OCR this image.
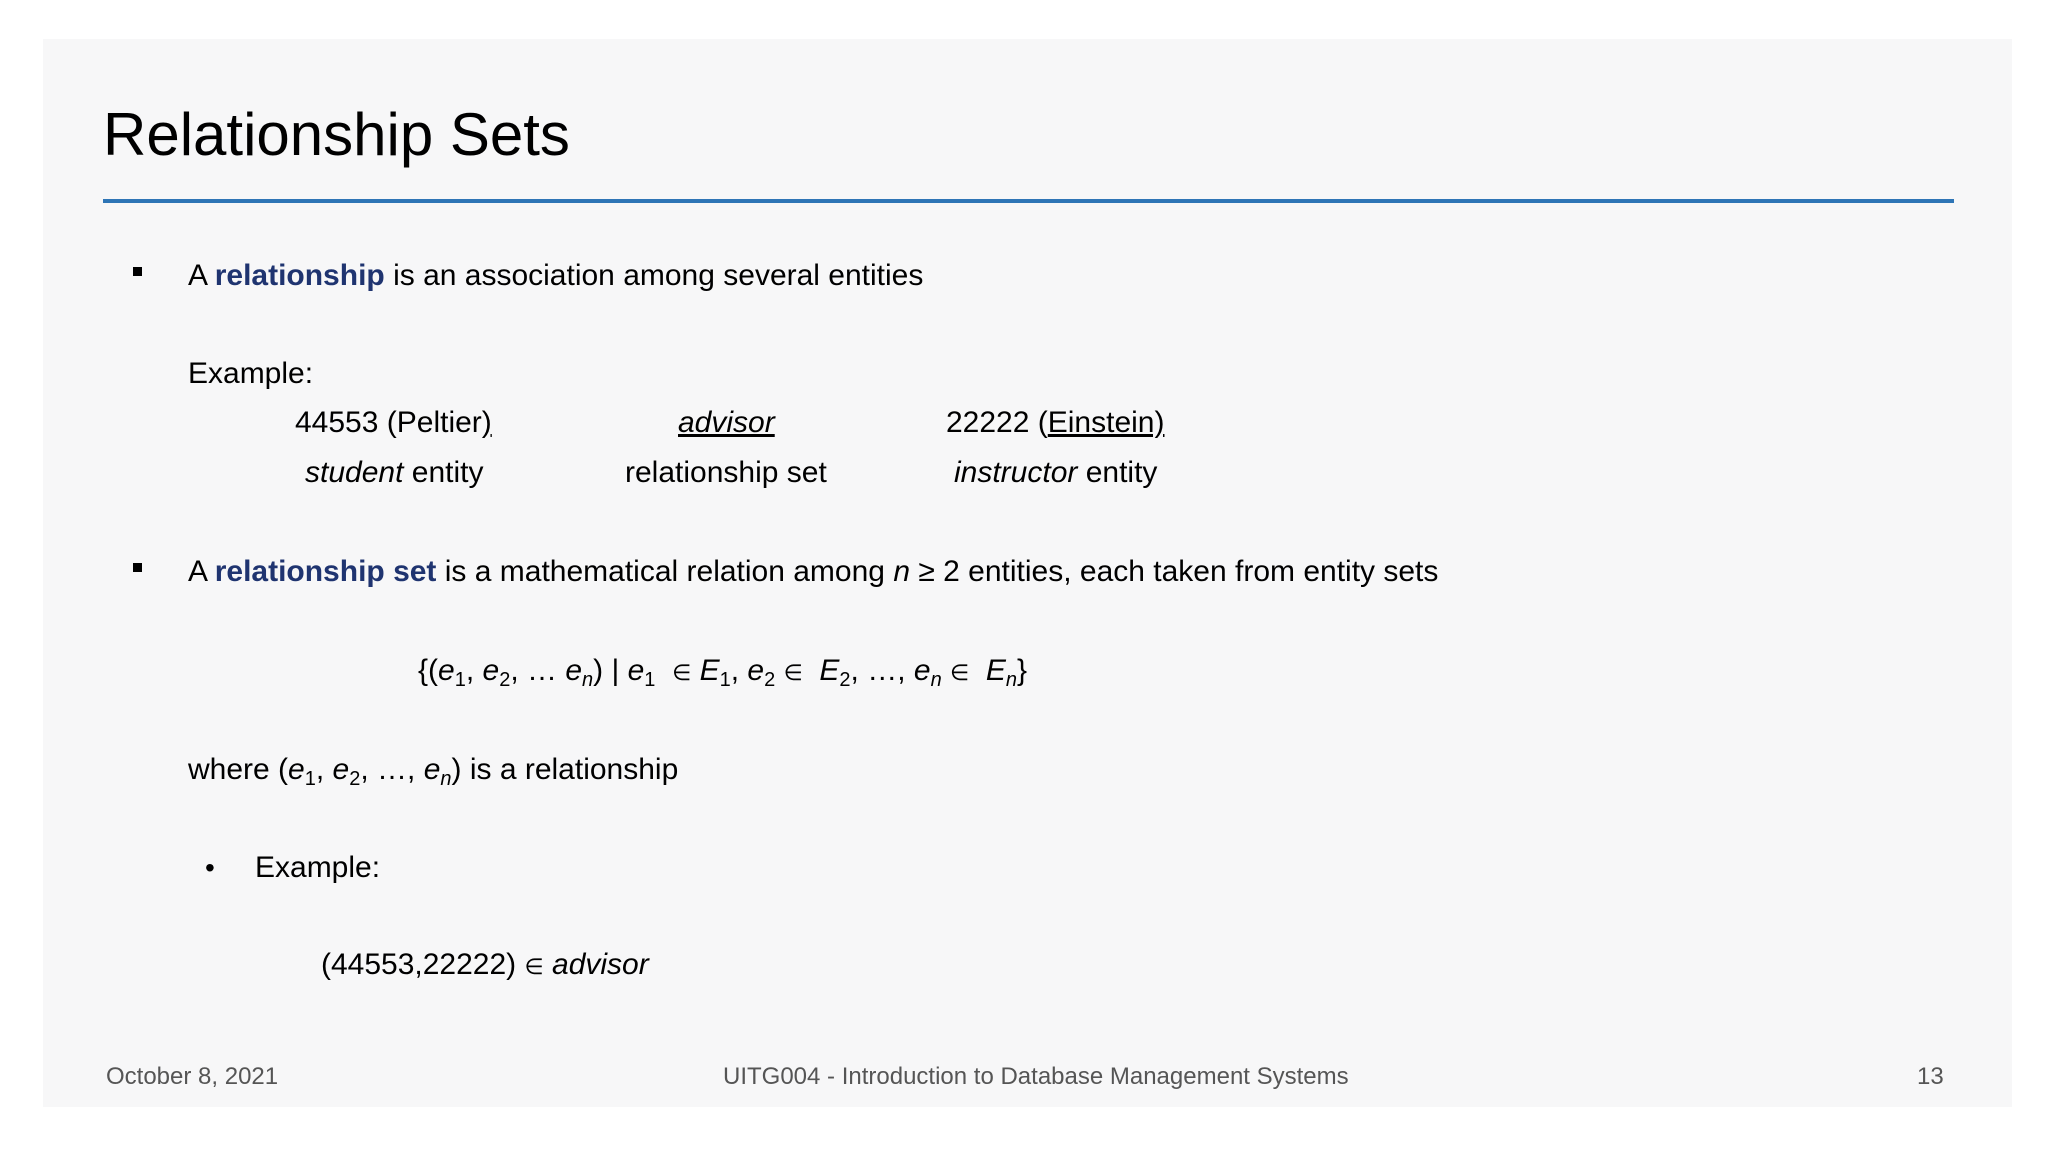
Relationship Sets
A relationship is an association among several entities
Example:
44553 (Peltier)	advisor	22222 (Einstein)
student entity	relationship set	instructor entity
A relationship set is a mathematical relation among n ≥ 2 entities, each taken from entity sets
{($e_1$, $e_2$, … $e_n$) | $e_1$ ∈ $E_1$, $e_2$ ∈ $E_2$, …, $e_n$ ∈ $E_n$}
where ($e_1$, $e_2$, …, $e_n$) is a relationship
• Example:
(44553,22222) ∈ advisor
October 8, 2021	UITG004 - Introduction to Database Management Systems	13
